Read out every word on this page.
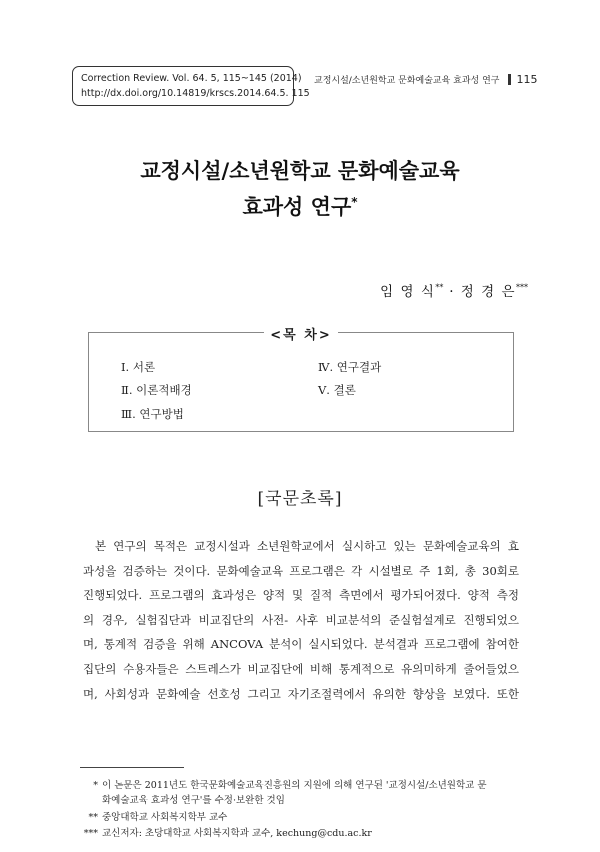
Correction Review. Vol. 64. 5, 115~145 (2014)
http://dx.doi.org/10.14819/krscs.2014.64.5. 115
교정시설/소년원학교 문화예술교육 효과성 연구 115
교정시설/소년원학교 문화예술교육
효과성 연구*
임 영 식** · 정 경 은***
<목 차>
Ⅰ. 서론
Ⅱ. 이론적배경
Ⅲ. 연구방법
Ⅳ. 연구결과
Ⅴ. 결론
[국문초록]
본 연구의 목적은 교정시설과 소년원학교에서 실시하고 있는 문화예술교육의 효
과성을 검증하는 것이다. 문화예술교육 프로그램은 각 시설별로 주 1회, 총 30회로
진행되었다. 프로그램의 효과성은 양적 및 질적 측면에서 평가되어졌다. 양적 측정
의 경우, 실험집단과 비교집단의 사전- 사후 비교분석의 준실험설계로 진행되었으
며, 통계적 검증을 위해 ANCOVA 분석이 실시되었다. 분석결과 프로그램에 참여한
집단의 수용자들은 스트레스가 비교집단에 비해 통계적으로 유의미하게 줄어들었으
며, 사회성과 문화예술 선호성 그리고 자기조절력에서 유의한 향상을 보였다. 또한
* 이 논문은 2011년도 한국문화예술교육진흥원의 지원에 의해 연구된 '교정시설/소년원학교 문
화예술교육 효과성 연구'를 수정·보완한 것임
** 중앙대학교 사회복지학부 교수
*** 교신저자: 초당대학교 사회복지학과 교수, kechung@cdu.ac.kr
